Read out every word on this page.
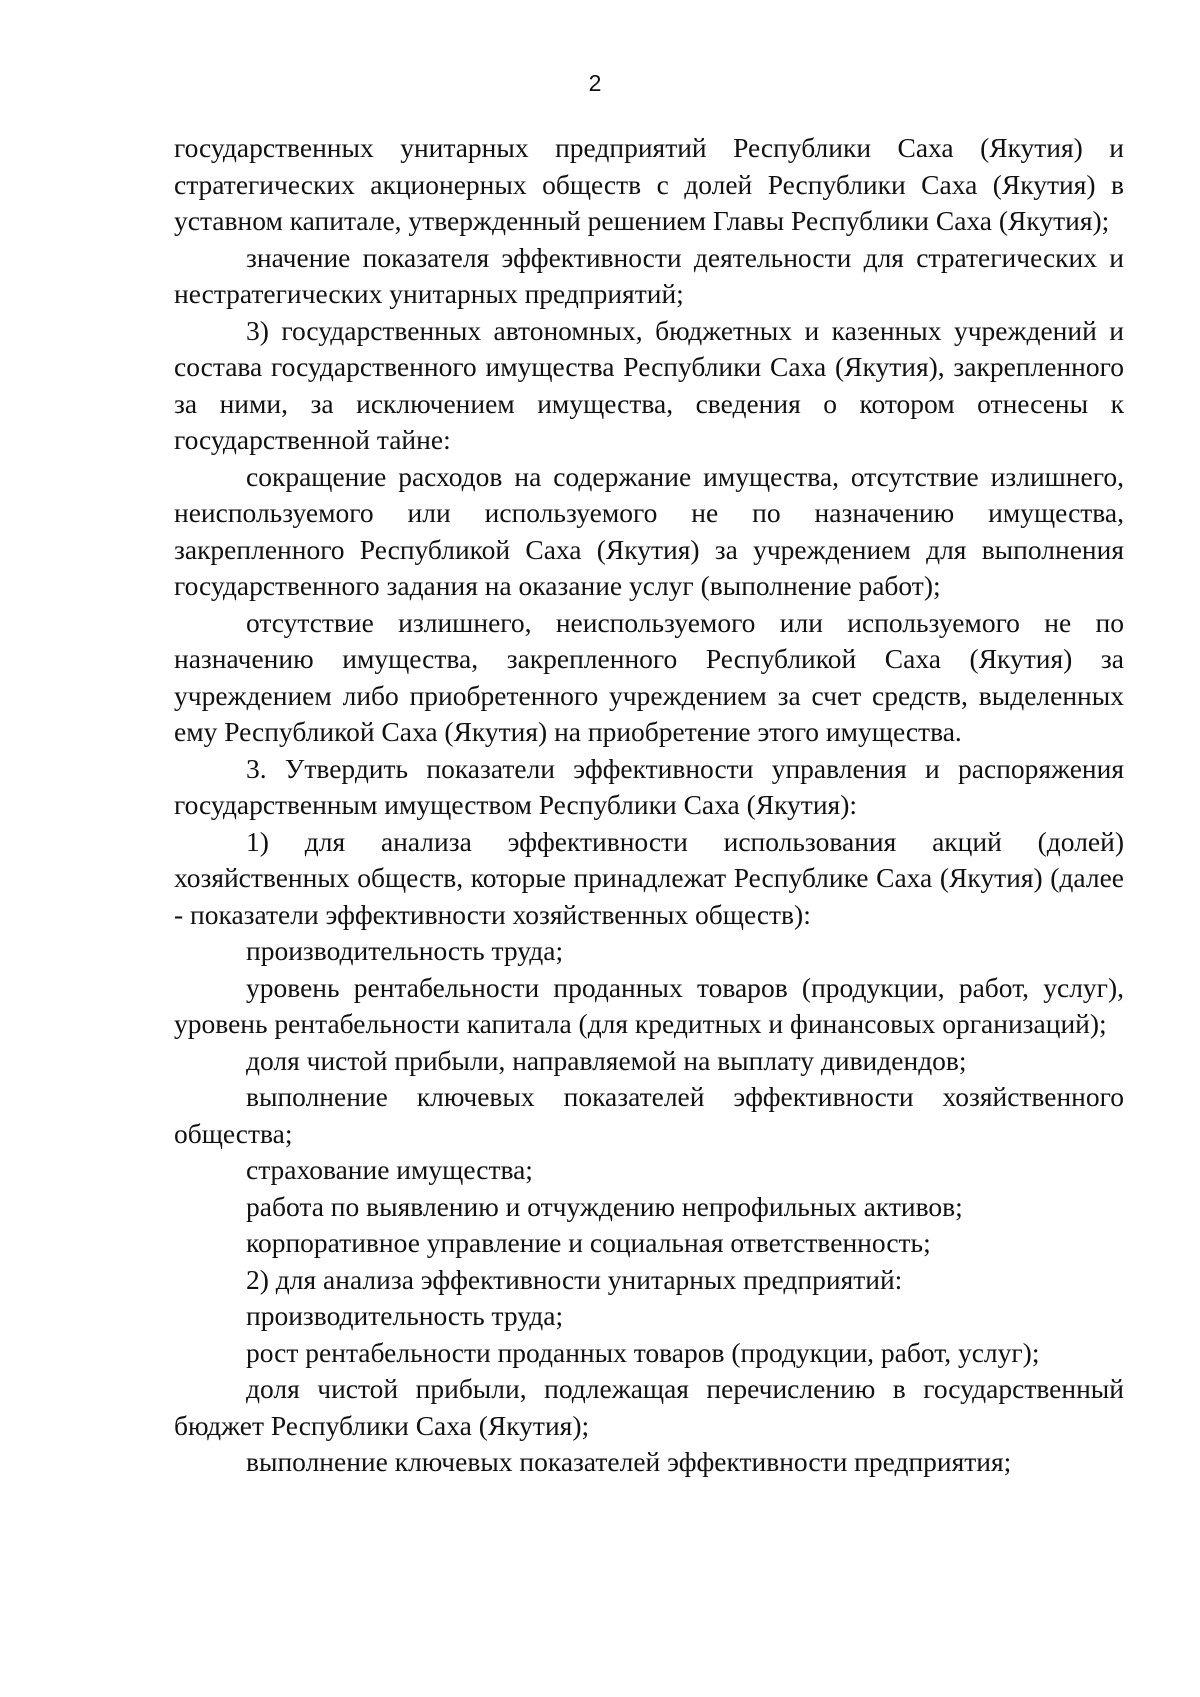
2

государственных унитарных предприятий Республики Саха (Якутия) и стратегических акционерных обществ с долей Республики Саха (Якутия) в уставном капитале, утвержденный решением Главы Республики Саха (Якутия);

значение показателя эффективности деятельности для стратегических и нестратегических унитарных предприятий;

3) государственных автономных, бюджетных и казенных учреждений и состава государственного имущества Республики Саха (Якутия), закрепленного за ними, за исключением имущества, сведения о котором отнесены к государственной тайне:

сокращение расходов на содержание имущества, отсутствие излишнего, неиспользуемого или используемого не по назначению имущества, закрепленного Республикой Саха (Якутия) за учреждением для выполнения государственного задания на оказание услуг (выполнение работ);

отсутствие излишнего, неиспользуемого или используемого не по назначению имущества, закрепленного Республикой Саха (Якутия) за учреждением либо приобретенного учреждением за счет средств, выделенных ему Республикой Саха (Якутия) на приобретение этого имущества.

3. Утвердить показатели эффективности управления и распоряжения государственным имуществом Республики Саха (Якутия):

1) для анализа эффективности использования акций (долей) хозяйственных обществ, которые принадлежат Республике Саха (Якутия) (далее - показатели эффективности хозяйственных обществ):

производительность труда;

уровень рентабельности проданных товаров (продукции, работ, услуг), уровень рентабельности капитала (для кредитных и финансовых организаций);

доля чистой прибыли, направляемой на выплату дивидендов;

выполнение ключевых показателей эффективности хозяйственного общества;

страхование имущества;

работа по выявлению и отчуждению непрофильных активов;

корпоративное управление и социальная ответственность;

2) для анализа эффективности унитарных предприятий:

производительность труда;

рост рентабельности проданных товаров (продукции, работ, услуг);

доля чистой прибыли, подлежащая перечислению в государственный бюджет Республики Саха (Якутия);

выполнение ключевых показателей эффективности предприятия;
